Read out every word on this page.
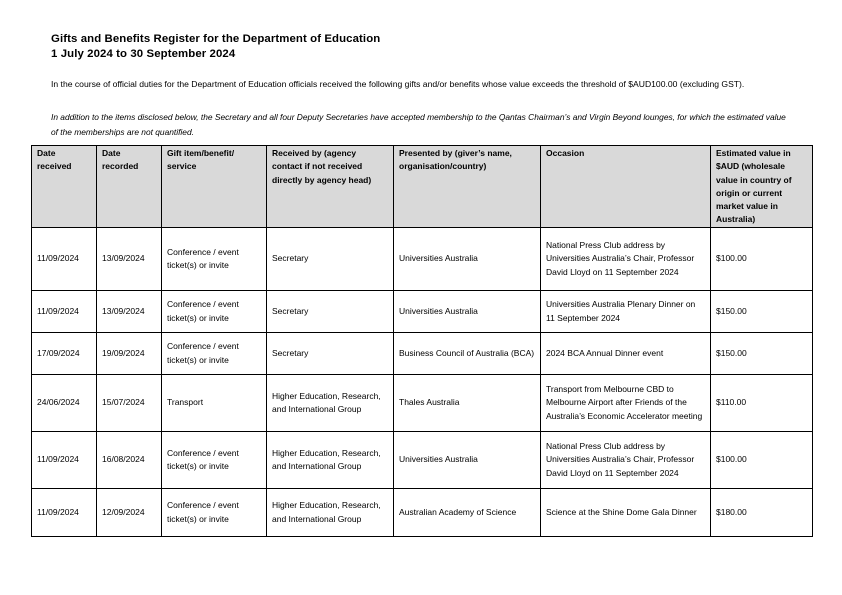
Gifts and Benefits Register for the Department of Education
1 July 2024 to 30 September 2024
In the course of official duties for the Department of Education officials received the following gifts and/or benefits whose value exceeds the threshold of $AUD100.00 (excluding GST).
In addition to the items disclosed below, the Secretary and all four Deputy Secretaries have accepted membership to the Qantas Chairman’s and Virgin Beyond lounges, for which the estimated value of the memberships are not quantified.
Date received	Date recorded	Gift item/benefit/ service	Received by (agency contact if not received directly by agency head)	Presented by (giver’s name, organisation/country)	Occasion	Estimated value in $AUD (wholesale value in country of origin or current market value in Australia)
11/09/2024	13/09/2024	Conference / event ticket(s) or invite	Secretary	Universities Australia	National Press Club address by Universities Australia’s Chair, Professor David Lloyd on 11 September 2024	$100.00
11/09/2024	13/09/2024	Conference / event ticket(s) or invite	Secretary	Universities Australia	Universities Australia Plenary Dinner on 11 September 2024	$150.00
17/09/2024	19/09/2024	Conference / event ticket(s) or invite	Secretary	Business Council of Australia (BCA)	2024 BCA Annual Dinner event	$150.00
24/06/2024	15/07/2024	Transport	Higher Education, Research, and International Group	Thales Australia	Transport from Melbourne CBD to Melbourne Airport after Friends of the Australia’s Economic Accelerator meeting	$110.00
11/09/2024	16/08/2024	Conference / event ticket(s) or invite	Higher Education, Research, and International Group	Universities Australia	National Press Club address by Universities Australia’s Chair, Professor David Lloyd on 11 September 2024	$100.00
11/09/2024	12/09/2024	Conference / event ticket(s) or invite	Higher Education, Research, and International Group	Australian Academy of Science	Science at the Shine Dome Gala Dinner	$180.00
